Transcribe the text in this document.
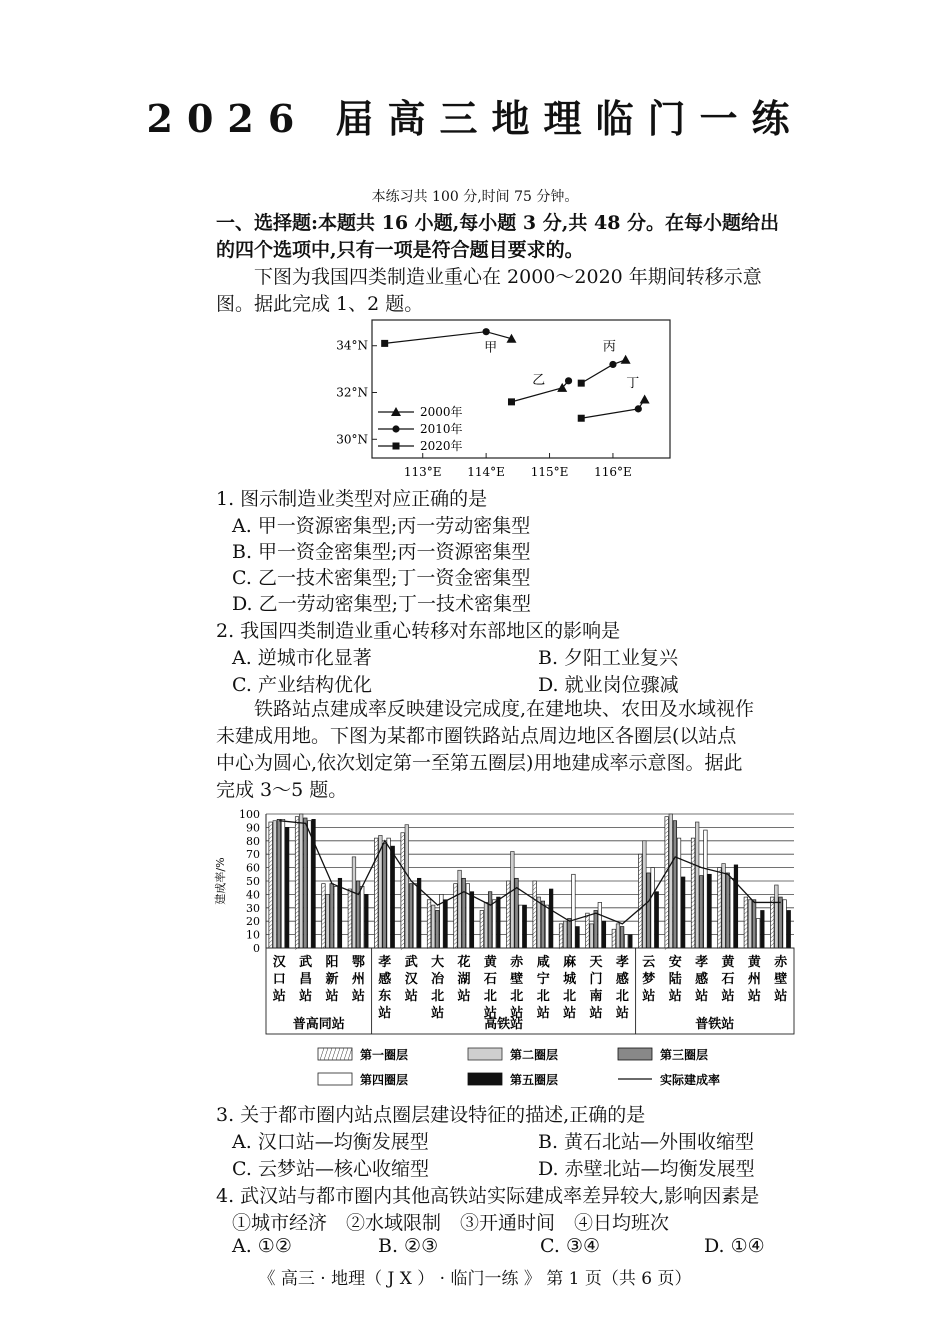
2026 届高三地理临门一练
本练习共 100 分,时间 75 分钟。
一、选择题:本题共 16 小题,每小题 3 分,共 48 分。在每小题给出
的四个选项中,只有一项是符合题目要求的。
下图为我国四类制造业重心在 2000～2020 年期间转移示意
图。据此完成 1、2 题。
30°N
32°N
34°N
113°E 114°E 115°E 116°E
甲
乙
丙
丁
2000年
2010年
2020年
1. 图示制造业类型对应正确的是
A. 甲一资源密集型;丙一劳动密集型
B. 甲一资金密集型;丙一资源密集型
C. 乙一技术密集型;丁一资金密集型
D. 乙一劳动密集型;丁一技术密集型
2. 我国四类制造业重心转移对东部地区的影响是
A. 逆城市化显著	B. 夕阳工业复兴
C. 产业结构优化	D. 就业岗位骤减
铁路站点建成率反映建设完成度,在建地块、农田及水域视作
未建成用地。下图为某都市圈铁路站点周边地区各圈层(以站点
中心为圆心,依次划定第一至第五圈层)用地建成率示意图。据此
完成 3～5 题。
建成率/%
0
10
20
30
40
50
60
70
80
90
100
汉
口
站
武
昌
站
阳
新
站
鄂
州
站
孝
感
东
站
武
汉
站
大
冶
北
站
花
湖
站
黄
石
北
站
赤
壁
北
站
咸
宁
北
站
麻
城
北
站
天
门
南
站
孝
感
北
站
云
梦
站
安
陆
站
孝
感
站
黄
石
站
黄
州
站
赤
壁
站
普高同站	高铁站	普铁站
第一圈层	第二圈层	第三圈层
第四圈层	第五圈层	实际建成率
3. 关于都市圈内站点圈层建设特征的描述,正确的是
A. 汉口站—均衡发展型	B. 黄石北站—外围收缩型
C. 云梦站—核心收缩型	D. 赤壁北站—均衡发展型
4. 武汉站与都市圈内其他高铁站实际建成率差异较大,影响因素是
①城市经济　②水域限制　③开通时间　④日均班次
A. ①②	B. ②③	C. ③④	D. ①④
《 高三 · 地理（ J X ） · 临门一练 》 第 1 页（共 6 页）
